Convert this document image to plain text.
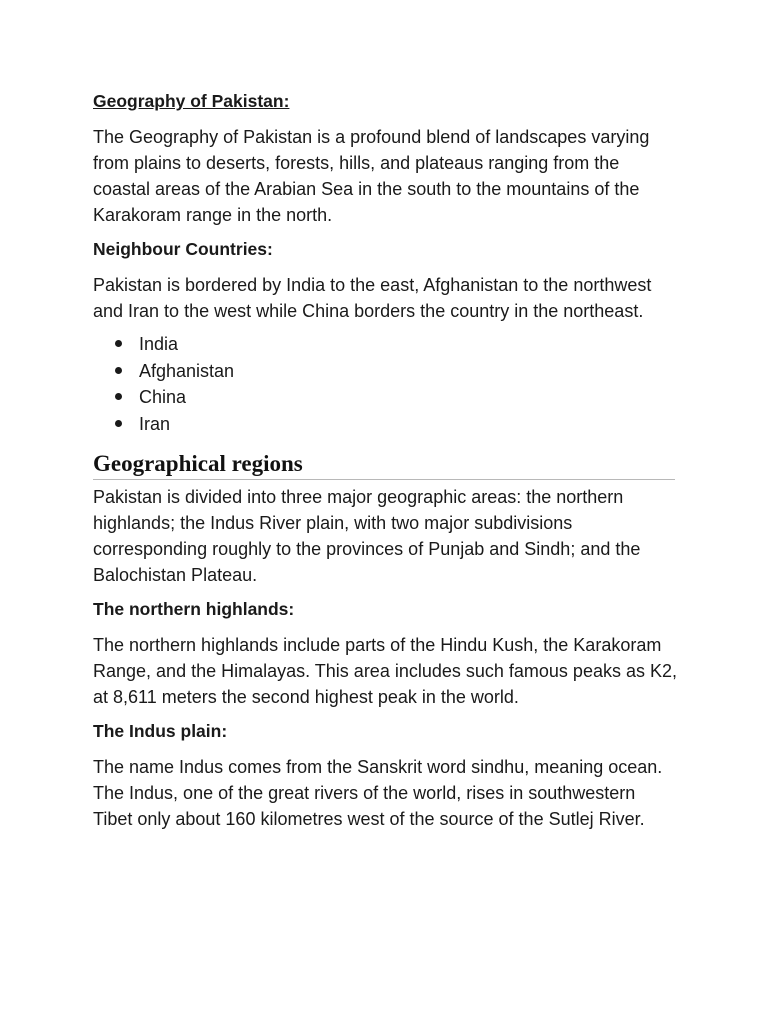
Geography of Pakistan:

The Geography of Pakistan is a profound blend of landscapes varying from plains to deserts, forests, hills, and plateaus ranging from the coastal areas of the Arabian Sea in the south to the mountains of the Karakoram range in the north.

Neighbour Countries:

Pakistan is bordered by India to the east, Afghanistan to the northwest and Iran to the west while China borders the country in the northeast.

India
Afghanistan
China
Iran
Geographical regions

Pakistan is divided into three major geographic areas: the northern highlands; the Indus River plain, with two major subdivisions corresponding roughly to the provinces of Punjab and Sindh; and the Balochistan Plateau.

The northern highlands:

The northern highlands include parts of the Hindu Kush, the Karakoram Range, and the Himalayas. This area includes such famous peaks as K2, at 8,611 meters the second highest peak in the world.

The Indus plain:

The name Indus comes from the Sanskrit word sindhu, meaning ocean. The Indus, one of the great rivers of the world, rises in southwestern Tibet only about 160 kilometres west of the source of the Sutlej River.
